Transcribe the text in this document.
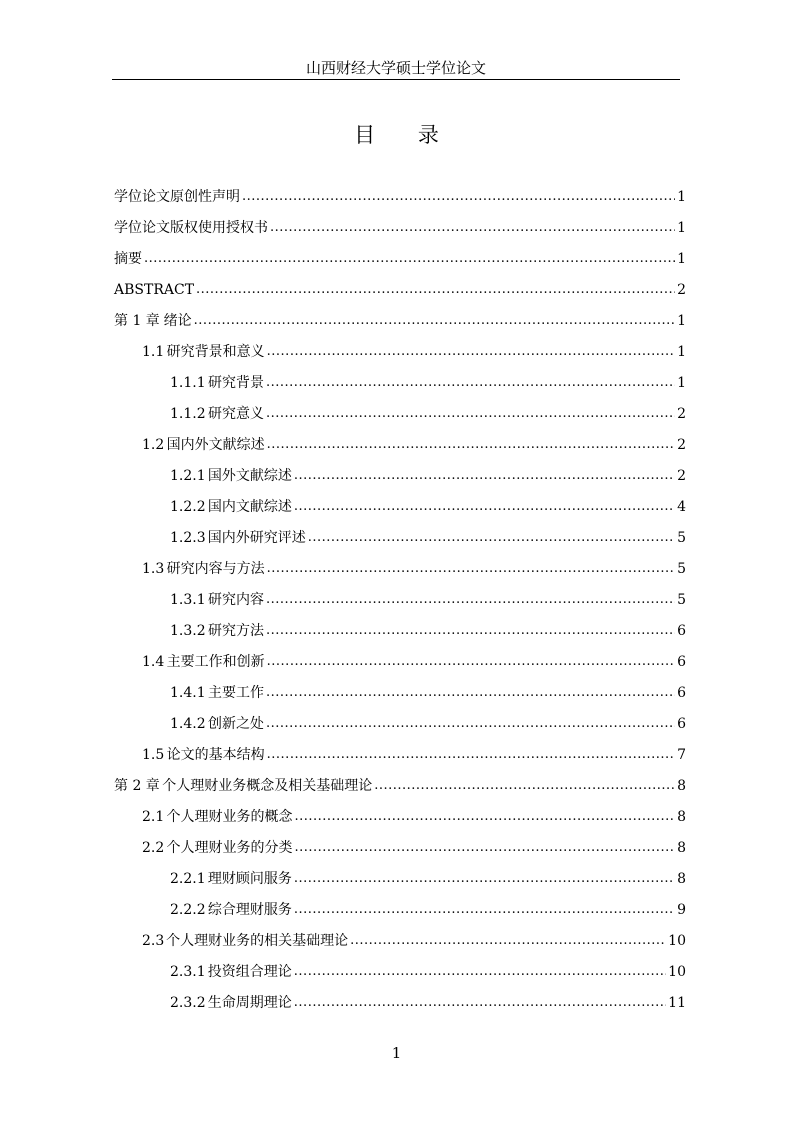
山西财经大学硕士学位论文
目 录
学位论文原创性声明 .....	1
学位论文版权使用授权书 .....	1
摘要 .....	1
ABSTRACT .....	2
第 1 章 绪论 .....	1
1.1 研究背景和意义 .....	1
1.1.1 研究背景 .....	1
1.1.2 研究意义 .....	2
1.2 国内外文献综述 .....	2
1.2.1 国外文献综述 .....	2
1.2.2 国内文献综述 .....	4
1.2.3 国内外研究评述 .....	5
1.3 研究内容与方法 .....	5
1.3.1 研究内容 .....	5
1.3.2 研究方法 .....	6
1.4 主要工作和创新 .....	6
1.4.1 主要工作 .....	6
1.4.2 创新之处 .....	6
1.5 论文的基本结构 .....	7
第 2 章 个人理财业务概念及相关基础理论 .....	8
2.1 个人理财业务的概念 .....	8
2.2 个人理财业务的分类 .....	8
2.2.1 理财顾问服务 .....	8
2.2.2 综合理财服务 .....	9
2.3 个人理财业务的相关基础理论 .....	10
2.3.1 投资组合理论 .....	10
2.3.2 生命周期理论 .....	11
1
